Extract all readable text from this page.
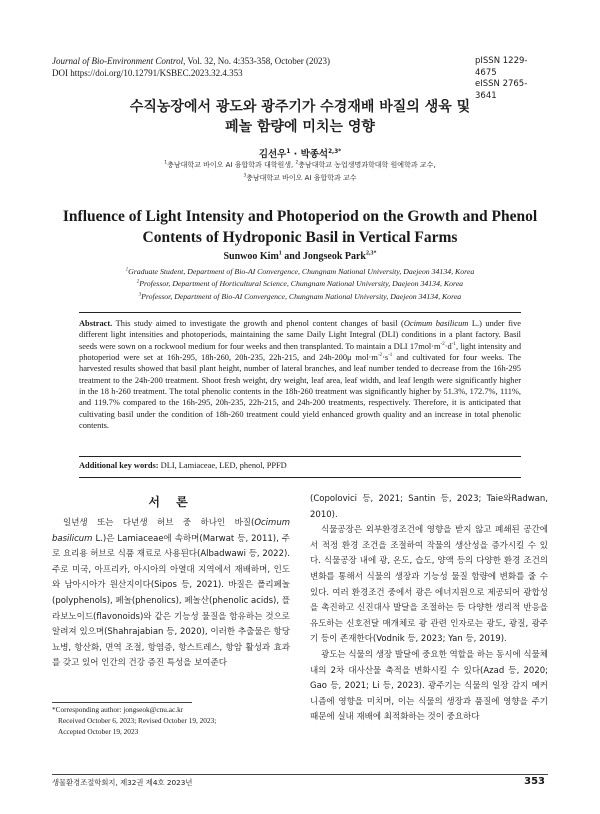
Journal of Bio-Environment Control, Vol. 32, No. 4:353-358, October (2023)
DOI https://doi.org/10.12791/KSBEC.2023.32.4.353
pISSN 1229-4675
eISSN 2765-3641
수직농장에서 광도와 광주기가 수경재배 바질의 생육 및
페놀 함량에 미치는 영향
김선우$^1$ · 박종석$^{2,3*}$
$^1$충남대학교 바이오 AI 융합학과 대학원생, $^2$충남대학교 농업생명과학대학 원예학과 교수,
$^3$충남대학교 바이오 AI 융합학과 교수
Influence of Light Intensity and Photoperiod on the Growth and Phenol
Contents of Hydroponic Basil in Vertical Farms
Sunwoo Kim$^1$ and Jongseok Park$^{2,3*}$
$^1$Graduate Student, Department of Bio-AI Convergence, Chungnam National University, Daejeon 34134, Korea
$^2$Professor, Department of Horticultural Science, Chungnam National University, Daejeon 34134, Korea
$^3$Professor, Department of Bio-AI Convergence, Chungnam National University, Daejeon 34134, Korea
Abstract. This study aimed to investigate the growth and phenol content changes of basil (Ocimum basilicum L.) under five different light intensities and photoperiods, maintaining the same Daily Light Integral (DLI) conditions in a plant factory. Basil seeds were sown on a rockwool medium for four weeks and then transplanted. To maintain a DLI $17mol\cdot m^{-2}\cdot d^{-1}$, light intensity and photoperiod were set at 16h-295, 18h-260, 20h-235, 22h-215, and 24h-200μ $mol\cdot m^{-2}\cdot s^{-1}$ and cultivated for four weeks. The harvested results showed that basil plant height, number of lateral branches, and leaf number tended to decrease from the 16h-295 treatment to the 24h-200 treatment. Shoot fresh weight, dry weight, leaf area, leaf width, and leaf length were significantly higher in the 18 h-260 treatment. The total phenolic contents in the 18h-260 treatment was significantly higher by 51.3%, 172.7%, 111%, and 119.7% compared to the 16h-295, 20h-235, 22h-215, and 24h-200 treatments, respectively. Therefore, it is anticipated that cultivating basil under the condition of 18h-260 treatment could yield enhanced growth quality and an increase in total phenolic contents.
Additional key words: DLI, Lamiaceae, LED, phenol, PPFD
서 론

일년생 또는 다년생 허브 중 하나인 바질(Ocimum basilicum L.)은 Lamiaceae에 속하며(Marwat 등, 2011), 주로 요리용 허브로 식품 재료로 사용된다(Albadwawi 등, 2022). 주로 미국, 아프리카, 아시아의 아열대 지역에서 재배하며, 인도와 남아시아가 원산지이다(Sipos 등, 2021). 바질은 폴리페놀(polyphenols), 페놀(phenolics), 페놀산(phenolic acids), 플라보노이드(flavonoids)와 같은 기능성 물질을 함유하는 것으로 알려져 있으며(Shahrajabian 등, 2020), 이러한 추출물은 항당뇨병, 항산화, 면역 조절, 항염증, 항스트레스, 항암 활성과 효과를 갖고 있어 인간의 건강 증진 특성을 보여준다

(Copolovici 등, 2021; Santin 등, 2023; Taie와Radwan, 2010).

식물공장은 외부환경조건에 영향을 받지 않고 폐쇄된 공간에서 적정 환경 조건을 조절하여 작물의 생산성을 증가시킬 수 있다. 식물공장 내에 광, 온도, 습도, 양액 등의 다양한 환경 조건의 변화를 통해서 식물의 생장과 기능성 물질 함량에 변화를 줄 수 있다. 여러 환경조건 중에서 광은 에너지원으로 제공되어 광합성을 촉진하고 신진대사 발달을 조절하는 등 다양한 생리적 반응을 유도하는 신호전달 매개체로 광 관련 인자로는 광도, 광질, 광주기 등이 존재한다(Vodnik 등, 2023; Yan 등, 2019).

광도는 식물의 생장 발달에 중요한 역할을 하는 동시에 식물체 내의 2차 대사산물 축적을 변화시킬 수 있다(Azad 등, 2020; Gao 등, 2021; Li 등, 2023). 광주기는 식물의 일장 감지 메커니즘에 영향을 미치며, 이는 식물의 생장과 품질에 영향을 주기 때문에 실내 재배에 최적화하는 것이 중요하다

*Corresponding author: jongseok@cnu.ac.kr
Received October 6, 2023; Revised October 19, 2023;
Accepted October 19, 2023
생물환경조절학회지, 제32권 제4호 2023년	353
